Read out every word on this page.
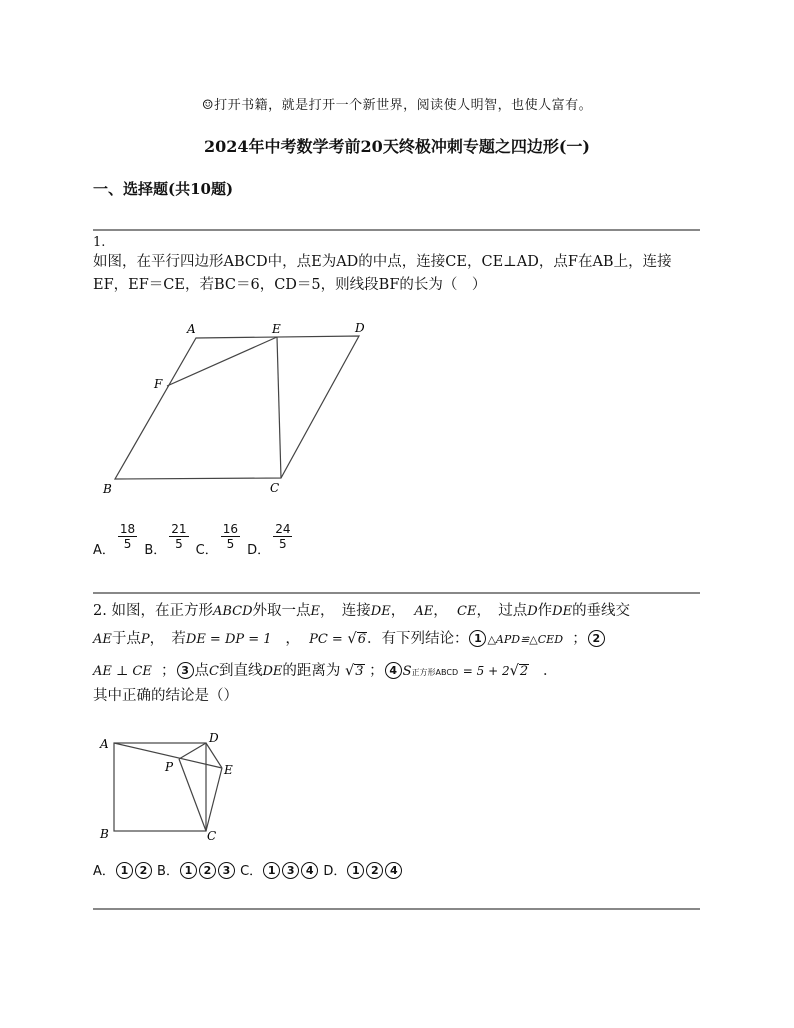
☺打开书籍，就是打开一个新世界，阅读使人明智，也使人富有。
2024年中考数学考前20天终极冲刺专题之四边形(一)
一、选择题(共10题)
1.
如图，在平行四边形ABCD中，点E为AD的中点，连接CE，CE⊥AD，点F在AB上，连接
EF，EF＝CE，若BC＝6，CD＝5，则线段BF的长为（　）
A	E	D
F
B	C
A． $\frac{18}{5}$ B． $\frac{21}{5}$ C． $\frac{16}{5}$ D． $\frac{24}{5}$
2. 如图，在正方形ABCD外取一点E，　连接DE， AE， CE，　过点D作DE的垂线交
AE于点P，　若DE = DP = 1 ， PC = √6．有下列结论： 1 △APD≌△CED ； 2
AE ⊥ CE ； 3 点C到直线DE的距离为 √3 ； 4 S正方形ABCD = 5 + 2√2 ．
其中正确的结论是（）
A	D
P	E
B	C
A． 1 2 B． 1 2 3 C． 1 3 4 D． 1 2 4
